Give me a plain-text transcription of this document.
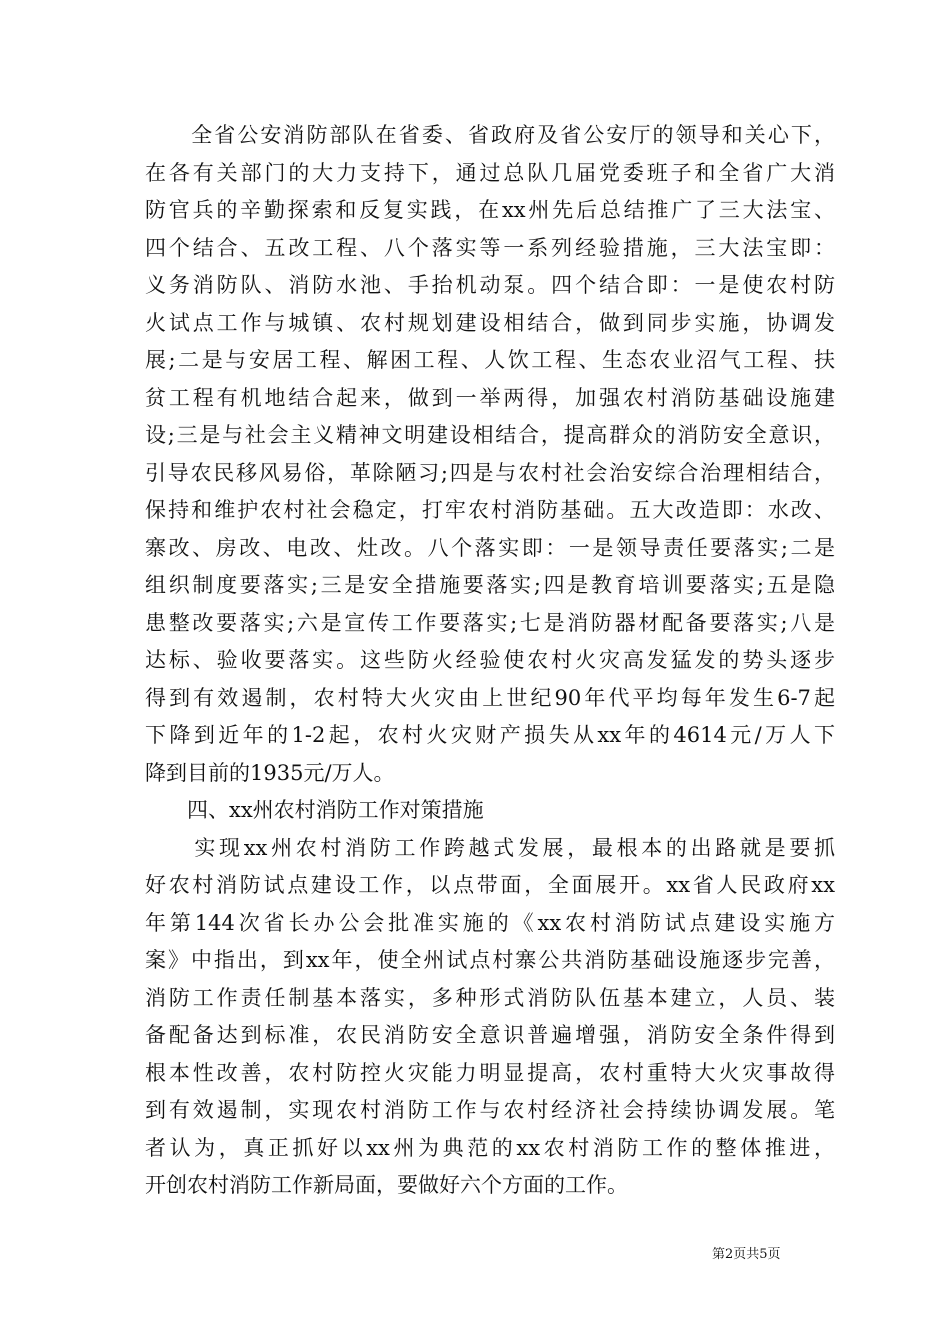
　　全省公安消防部队在省委、省政府及省公安厅的领导和关心下，
在各有关部门的大力支持下，通过总队几届党委班子和全省广大消
防官兵的辛勤探索和反复实践，在xx州先后总结推广了三大法宝、
四个结合、五改工程、八个落实等一系列经验措施，三大法宝即：
义务消防队、消防水池、手抬机动泵。四个结合即：一是使农村防
火试点工作与城镇、农村规划建设相结合，做到同步实施，协调发
展;二是与安居工程、解困工程、人饮工程、生态农业沼气工程、扶
贫工程有机地结合起来，做到一举两得，加强农村消防基础设施建
设;三是与社会主义精神文明建设相结合，提高群众的消防安全意识，
引导农民移风易俗，革除陋习;四是与农村社会治安综合治理相结合，
保持和维护农村社会稳定，打牢农村消防基础。五大改造即：水改、
寨改、房改、电改、灶改。八个落实即：一是领导责任要落实;二是
组织制度要落实;三是安全措施要落实;四是教育培训要落实;五是隐
患整改要落实;六是宣传工作要落实;七是消防器材配备要落实;八是
达标、验收要落实。这些防火经验使农村火灾高发猛发的势头逐步
得到有效遏制，农村特大火灾由上世纪90年代平均每年发生6-7起
下降到近年的1-2起，农村火灾财产损失从xx年的4614元/万人下
降到目前的1935元/万人。
　　四、xx州农村消防工作对策措施
　　实现xx州农村消防工作跨越式发展，最根本的出路就是要抓
好农村消防试点建设工作，以点带面，全面展开。xx省人民政府xx
年第144次省长办公会批准实施的《xx农村消防试点建设实施方
案》中指出，到xx年，使全州试点村寨公共消防基础设施逐步完善，
消防工作责任制基本落实，多种形式消防队伍基本建立，人员、装
备配备达到标准，农民消防安全意识普遍增强，消防安全条件得到
根本性改善，农村防控火灾能力明显提高，农村重特大火灾事故得
到有效遏制，实现农村消防工作与农村经济社会持续协调发展。笔
者认为，真正抓好以xx州为典范的xx农村消防工作的整体推进，
开创农村消防工作新局面，要做好六个方面的工作。
第2页共5页
